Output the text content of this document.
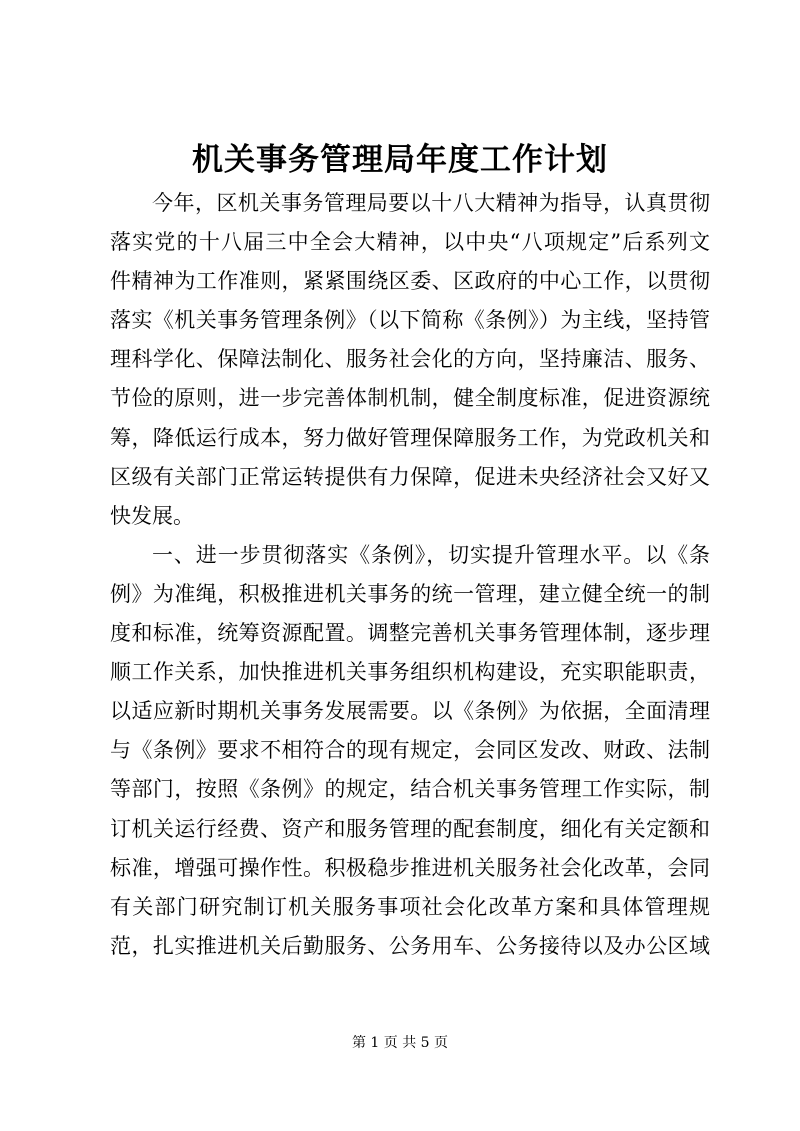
机关事务管理局年度工作计划
今年，区机关事务管理局要以十八大精神为指导，认真贯彻
落实党的十八届三中全会大精神，以中央“八项规定”后系列文
件精神为工作准则，紧紧围绕区委、区政府的中心工作，以贯彻
落实《机关事务管理条例》（以下简称《条例》）为主线，坚持管
理科学化、保障法制化、服务社会化的方向，坚持廉洁、服务、
节俭的原则，进一步完善体制机制，健全制度标准，促进资源统
筹，降低运行成本，努力做好管理保障服务工作，为党政机关和
区级有关部门正常运转提供有力保障，促进未央经济社会又好又
快发展。
一、进一步贯彻落实《条例》，切实提升管理水平。以《条
例》为准绳，积极推进机关事务的统一管理，建立健全统一的制
度和标准，统筹资源配置。调整完善机关事务管理体制，逐步理
顺工作关系，加快推进机关事务组织机构建设，充实职能职责，
以适应新时期机关事务发展需要。以《条例》为依据，全面清理
与《条例》要求不相符合的现有规定，会同区发改、财政、法制
等部门，按照《条例》的规定，结合机关事务管理工作实际，制
订机关运行经费、资产和服务管理的配套制度，细化有关定额和
标准，增强可操作性。积极稳步推进机关服务社会化改革，会同
有关部门研究制订机关服务事项社会化改革方案和具体管理规
范，扎实推进机关后勤服务、公务用车、公务接待以及办公区域
第 1 页 共 5 页
